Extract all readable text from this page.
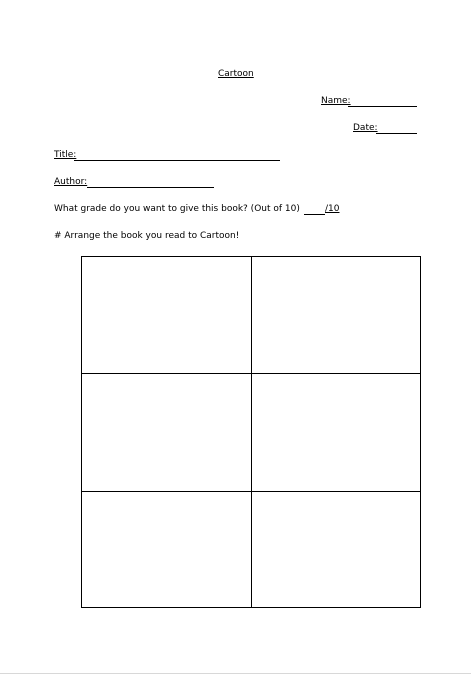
Cartoon
Name:
Date:
Title:
Author:
What grade do you want to give this book? (Out of 10)	/10
# Arrange the book you read to Cartoon!
